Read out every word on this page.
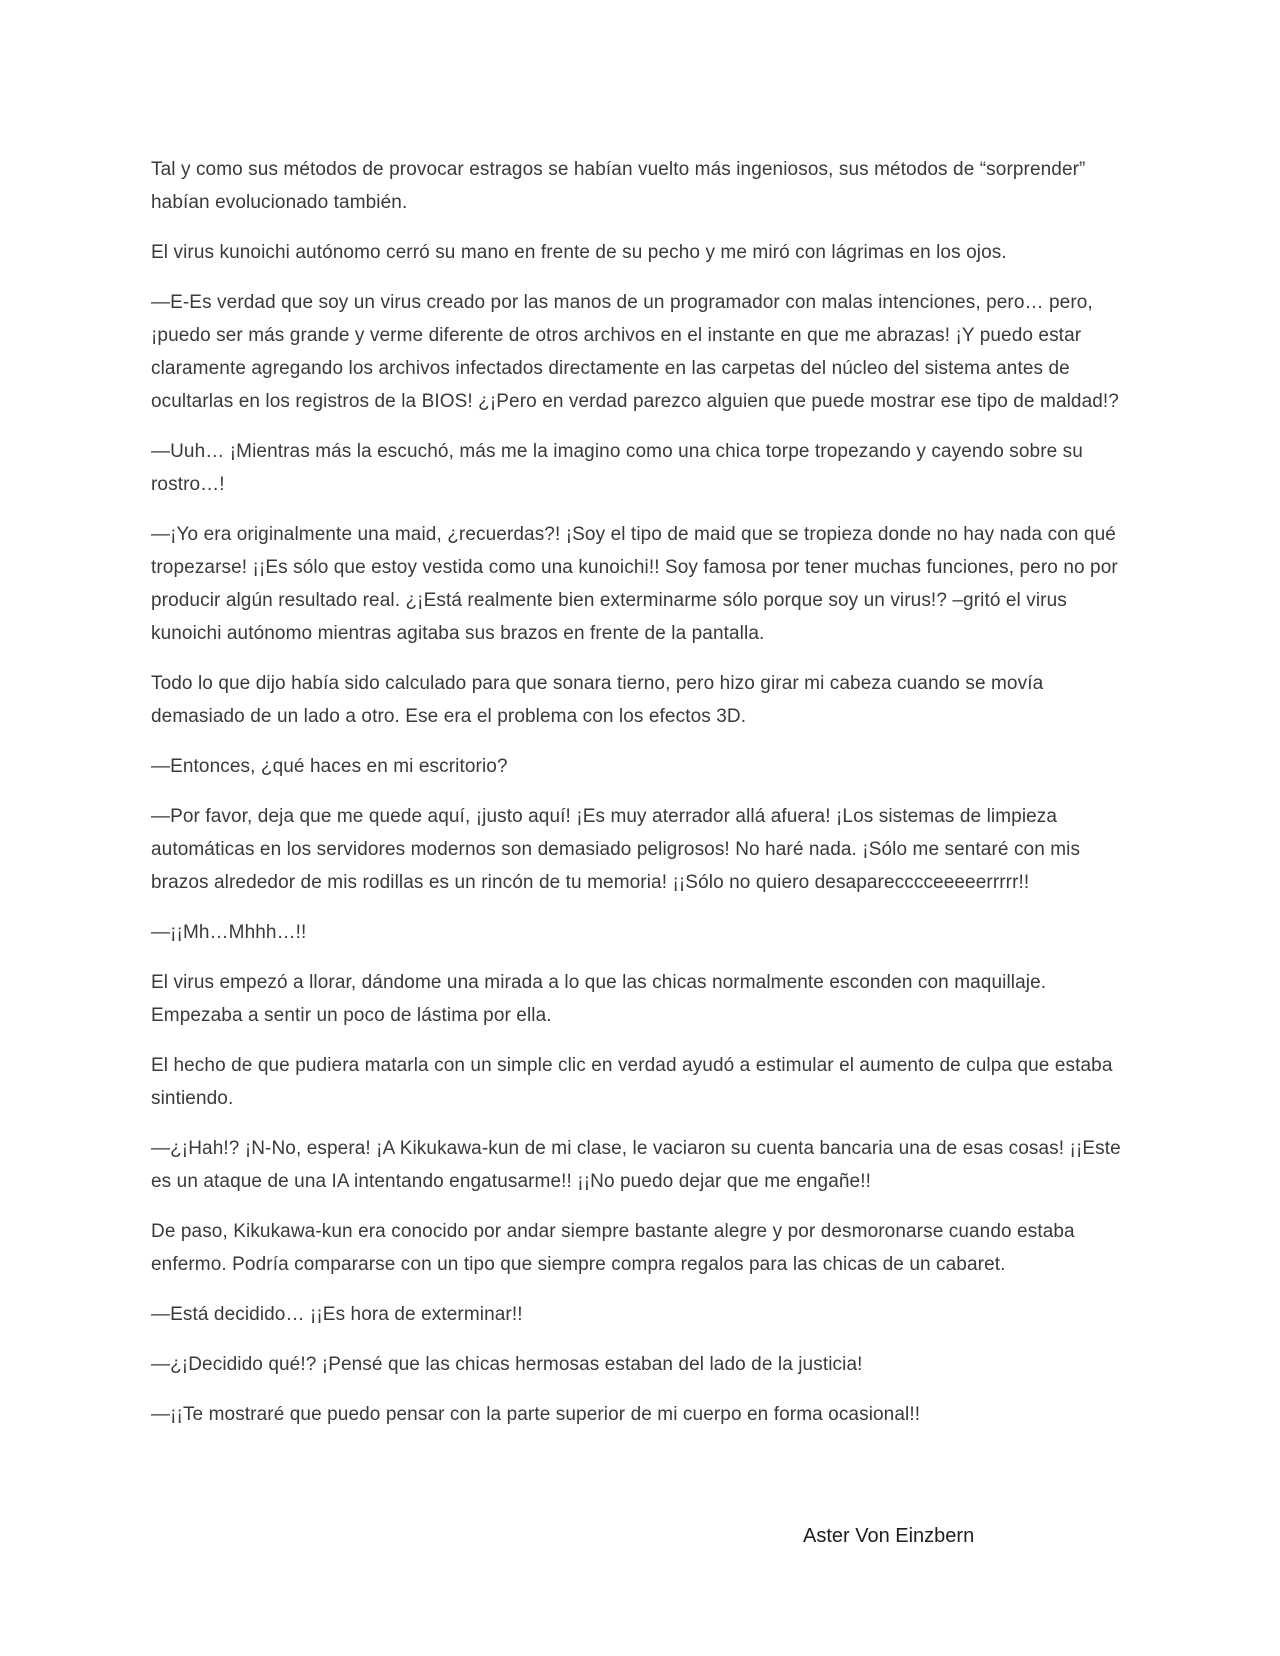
Tal y como sus métodos de provocar estragos se habían vuelto más ingeniosos, sus métodos de “sorprender” habían evolucionado también.

El virus kunoichi autónomo cerró su mano en frente de su pecho y me miró con lágrimas en los ojos.

—E-Es verdad que soy un virus creado por las manos de un programador con malas intenciones, pero… pero, ¡puedo ser más grande y verme diferente de otros archivos en el instante en que me abrazas! ¡Y puedo estar claramente agregando los archivos infectados directamente en las carpetas del núcleo del sistema antes de ocultarlas en los registros de la BIOS! ¿¡Pero en verdad parezco alguien que puede mostrar ese tipo de maldad!?

—Uuh… ¡Mientras más la escuchó, más me la imagino como una chica torpe tropezando y cayendo sobre su rostro…!

—¡Yo era originalmente una maid, ¿recuerdas?! ¡Soy el tipo de maid que se tropieza donde no hay nada con qué tropezarse! ¡¡Es sólo que estoy vestida como una kunoichi!! Soy famosa por tener muchas funciones, pero no por producir algún resultado real. ¿¡Está realmente bien exterminarme sólo porque soy un virus!? –gritó el virus kunoichi autónomo mientras agitaba sus brazos en frente de la pantalla.

Todo lo que dijo había sido calculado para que sonara tierno, pero hizo girar mi cabeza cuando se movía demasiado de un lado a otro. Ese era el problema con los efectos 3D.

—Entonces, ¿qué haces en mi escritorio?

—Por favor, deja que me quede aquí, ¡justo aquí! ¡Es muy aterrador allá afuera! ¡Los sistemas de limpieza automáticas en los servidores modernos son demasiado peligrosos! No haré nada. ¡Sólo me sentaré con mis brazos alrededor de mis rodillas es un rincón de tu memoria! ¡¡Sólo no quiero desaparecccceeeeerrrrr!!

—¡¡Mh…Mhhh…!!

El virus empezó a llorar, dándome una mirada a lo que las chicas normalmente esconden con maquillaje. Empezaba a sentir un poco de lástima por ella.

El hecho de que pudiera matarla con un simple clic en verdad ayudó a estimular el aumento de culpa que estaba sintiendo.

—¿¡Hah!? ¡N-No, espera! ¡A Kikukawa-kun de mi clase, le vaciaron su cuenta bancaria una de esas cosas! ¡¡Este es un ataque de una IA intentando engatusarme!! ¡¡No puedo dejar que me engañe!!

De paso, Kikukawa-kun era conocido por andar siempre bastante alegre y por desmoronarse cuando estaba enfermo. Podría compararse con un tipo que siempre compra regalos para las chicas de un cabaret.

—Está decidido… ¡¡Es hora de exterminar!!

—¿¡Decidido qué!? ¡Pensé que las chicas hermosas estaban del lado de la justicia!

—¡¡Te mostraré que puedo pensar con la parte superior de mi cuerpo en forma ocasional!!

Aster Von Einzbern
